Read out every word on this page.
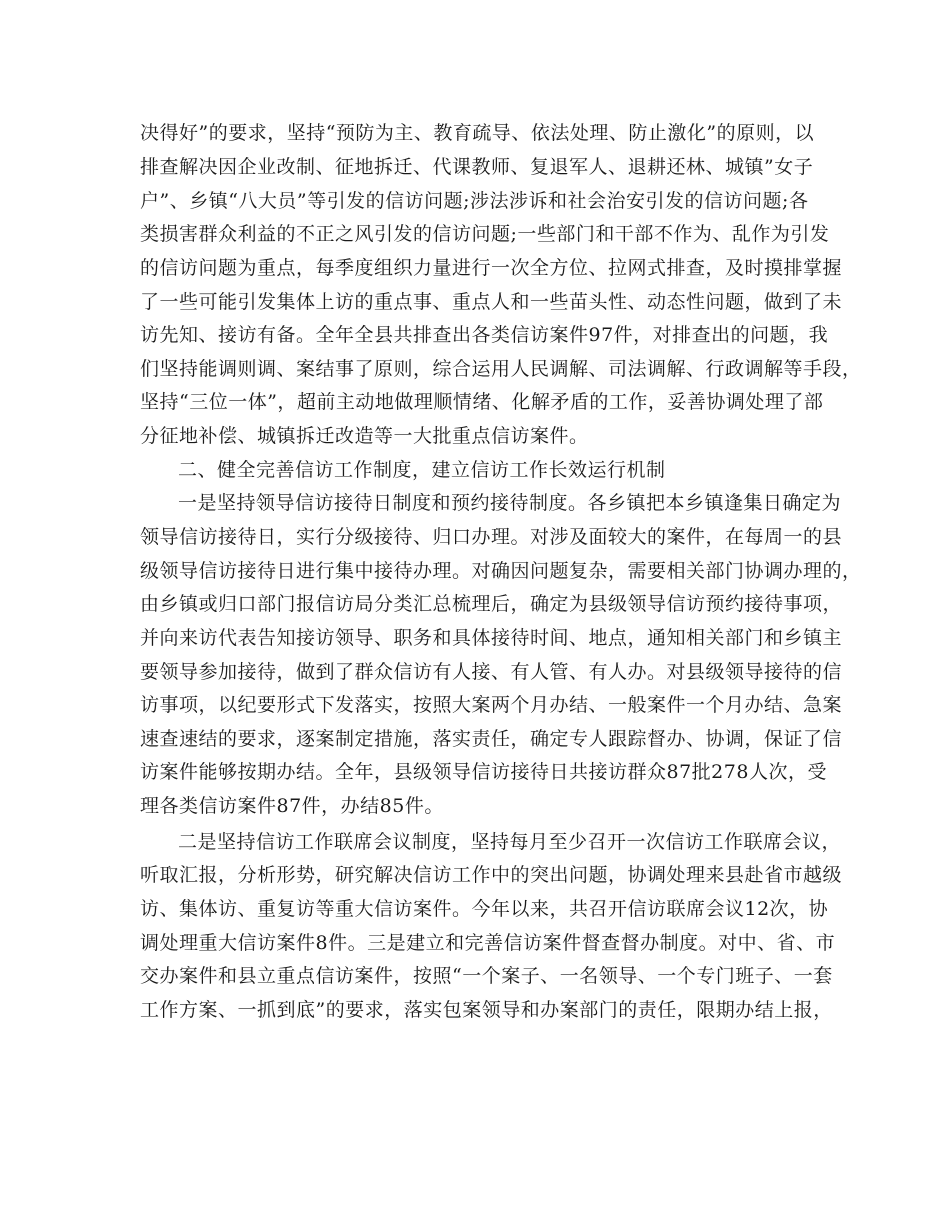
决得好”的要求，坚持“预防为主、教育疏导、依法处理、防止激化”的原则，以
排查解决因企业改制、征地拆迁、代课教师、复退军人、退耕还林、城镇”女子
户”、乡镇“八大员”等引发的信访问题;涉法涉诉和社会治安引发的信访问题;各
类损害群众利益的不正之风引发的信访问题;一些部门和干部不作为、乱作为引发
的信访问题为重点，每季度组织力量进行一次全方位、拉网式排查，及时摸排掌握
了一些可能引发集体上访的重点事、重点人和一些苗头性、动态性问题，做到了未
访先知、接访有备。全年全县共排查出各类信访案件97件，对排查出的问题，我
们坚持能调则调、案结事了原则，综合运用人民调解、司法调解、行政调解等手段，
坚持“三位一体”，超前主动地做理顺情绪、化解矛盾的工作，妥善协调处理了部
分征地补偿、城镇拆迁改造等一大批重点信访案件。
二、健全完善信访工作制度，建立信访工作长效运行机制
一是坚持领导信访接待日制度和预约接待制度。各乡镇把本乡镇逢集日确定为
领导信访接待日，实行分级接待、归口办理。对涉及面较大的案件，在每周一的县
级领导信访接待日进行集中接待办理。对确因问题复杂，需要相关部门协调办理的，
由乡镇或归口部门报信访局分类汇总梳理后，确定为县级领导信访预约接待事项，
并向来访代表告知接访领导、职务和具体接待时间、地点，通知相关部门和乡镇主
要领导参加接待，做到了群众信访有人接、有人管、有人办。对县级领导接待的信
访事项，以纪要形式下发落实，按照大案两个月办结、一般案件一个月办结、急案
速查速结的要求，逐案制定措施，落实责任，确定专人跟踪督办、协调，保证了信
访案件能够按期办结。全年，县级领导信访接待日共接访群众87批278人次，受
理各类信访案件87件，办结85件。
二是坚持信访工作联席会议制度，坚持每月至少召开一次信访工作联席会议，
听取汇报，分析形势，研究解决信访工作中的突出问题，协调处理来县赴省市越级
访、集体访、重复访等重大信访案件。今年以来，共召开信访联席会议12次，协
调处理重大信访案件8件。三是建立和完善信访案件督查督办制度。对中、省、市
交办案件和县立重点信访案件，按照“一个案子、一名领导、一个专门班子、一套
工作方案、一抓到底”的要求，落实包案领导和办案部门的责任，限期办结上报，
